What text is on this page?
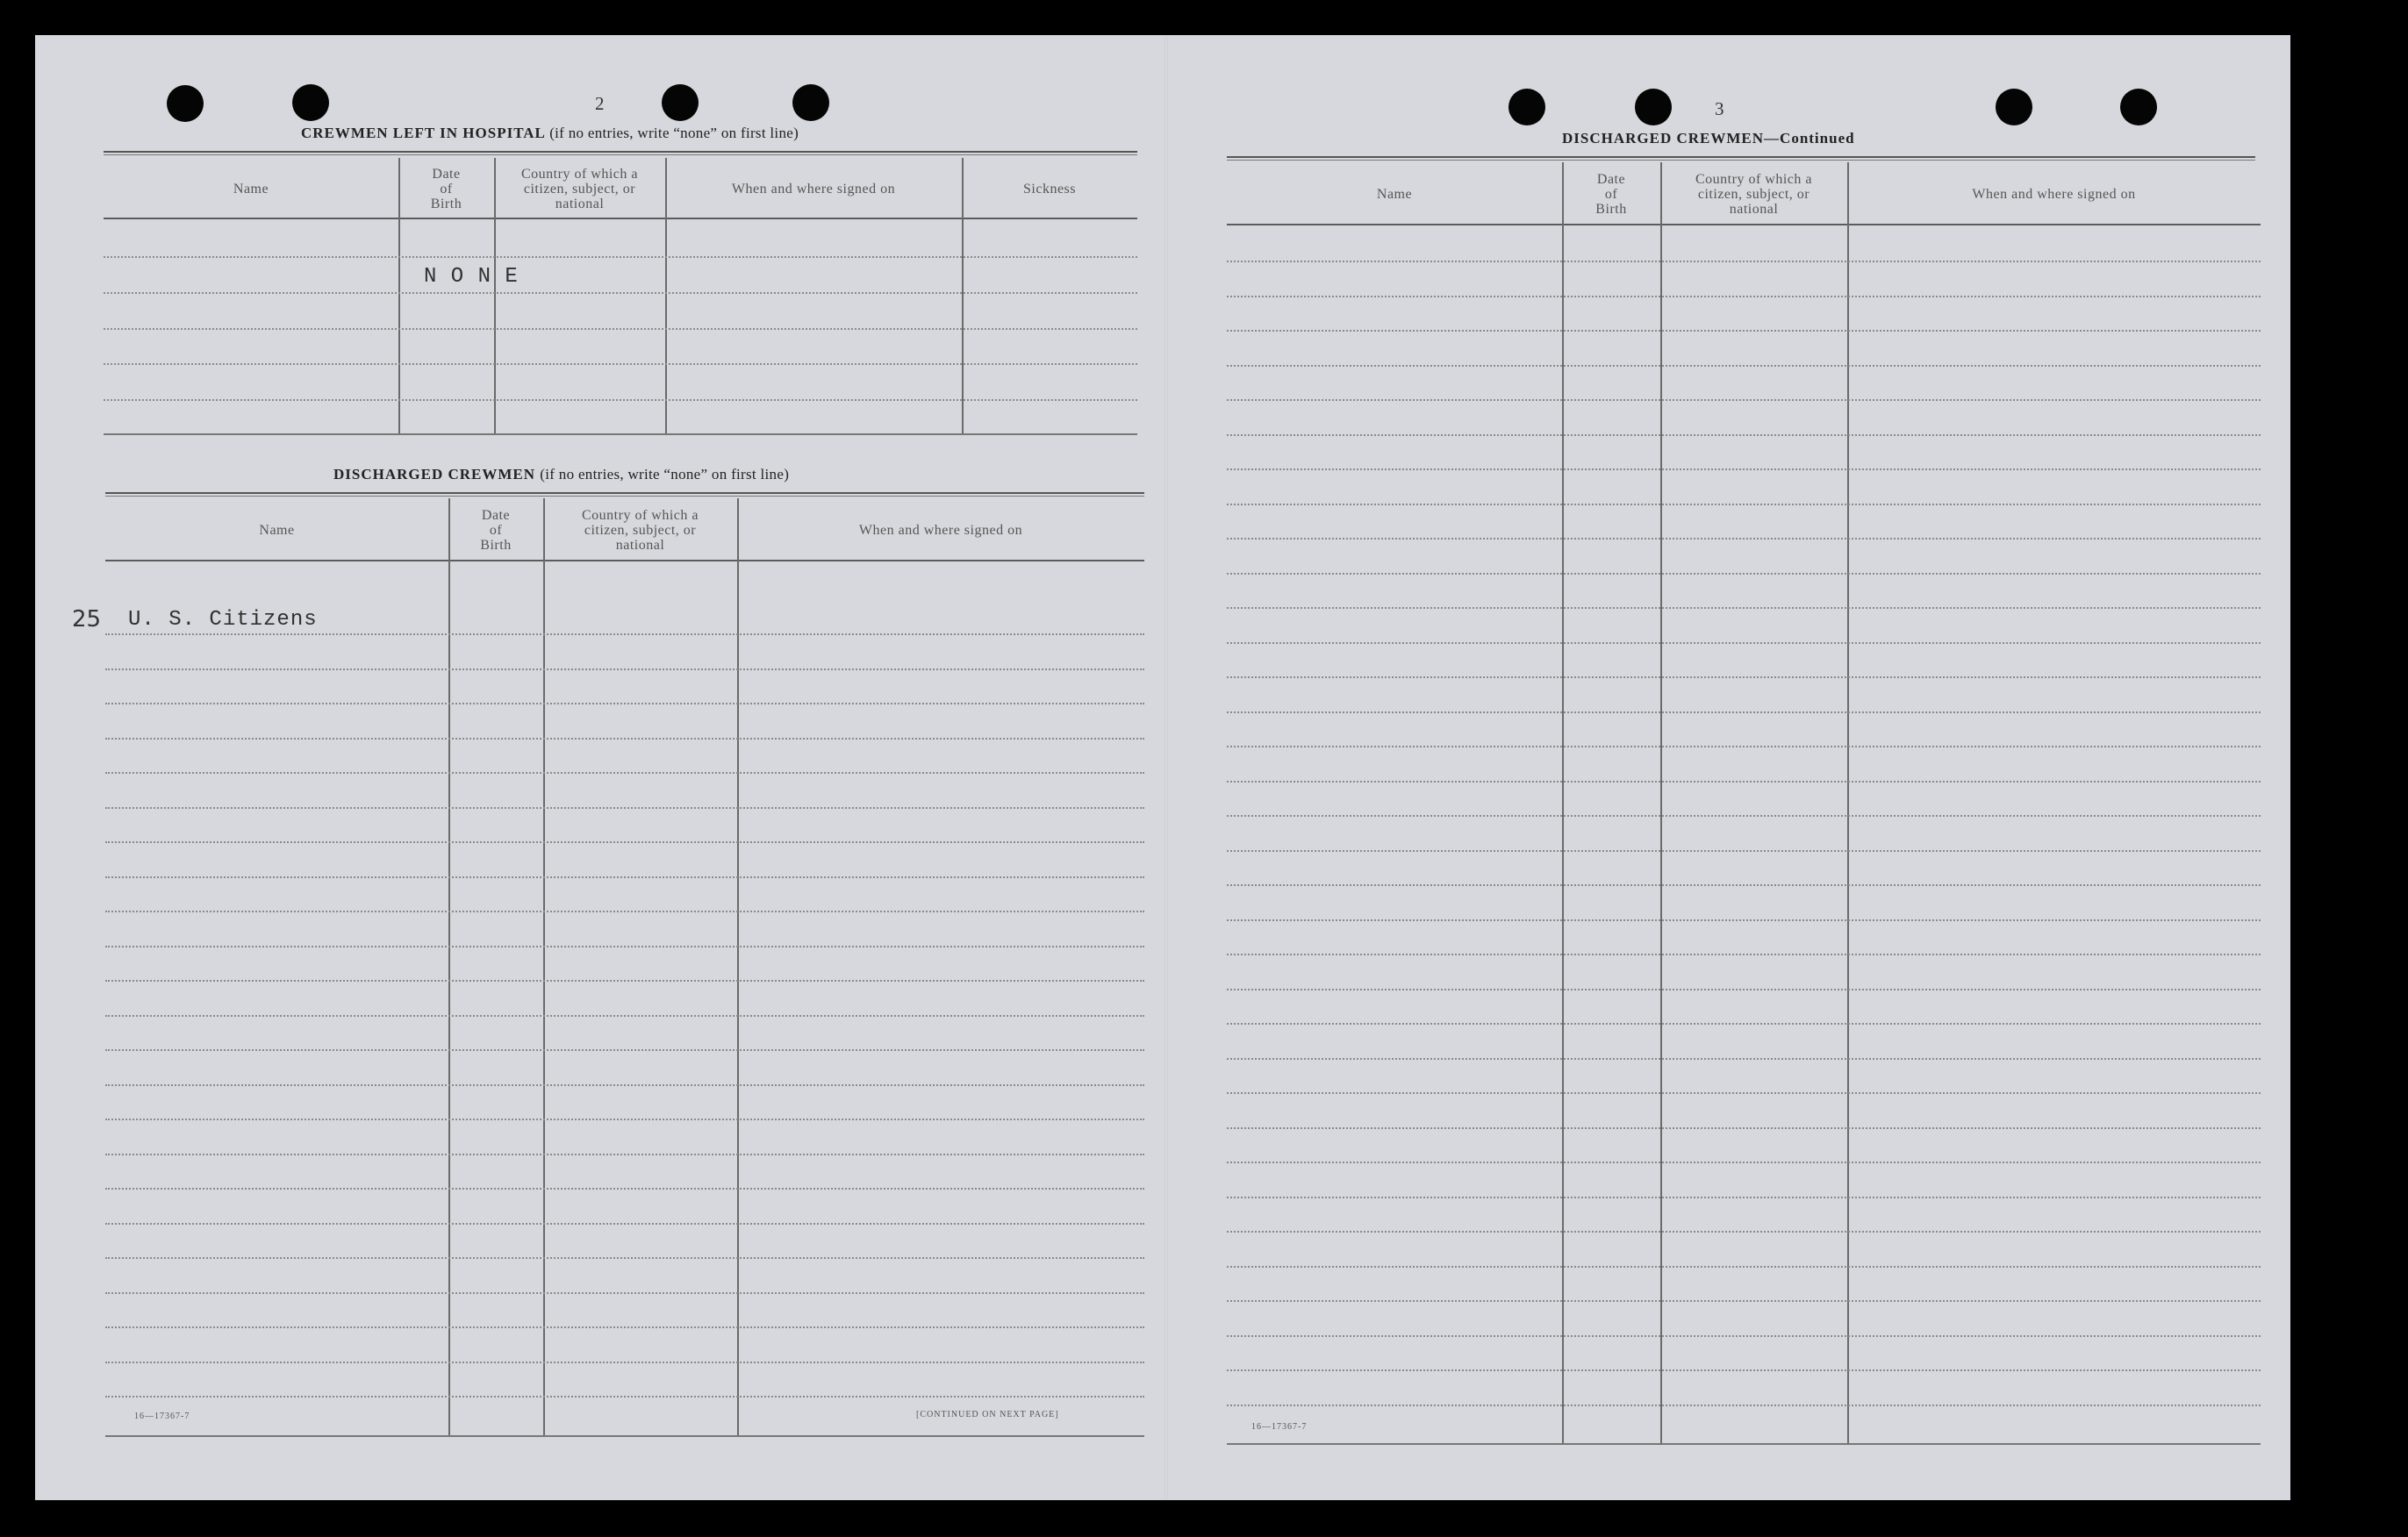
2
CREWMEN LEFT IN HOSPITAL (if no entries, write “none” on first line)
Name
Date
of
Birth
Country of which a
citizen, subject, or
national
When and where signed on	Sickness
N O N E
DISCHARGED CREWMEN (if no entries, write “none” on first line)
Name
Date
of
Birth
Country of which a
citizen, subject, or
national
When and where signed on
25 U. S. Citizens
16—17367-7	[CONTINUED ON NEXT PAGE]
3
DISCHARGED CREWMEN—Continued
Name
Date
of
Birth
Country of which a
citizen, subject, or
national
When and where signed on
16—17367-7
